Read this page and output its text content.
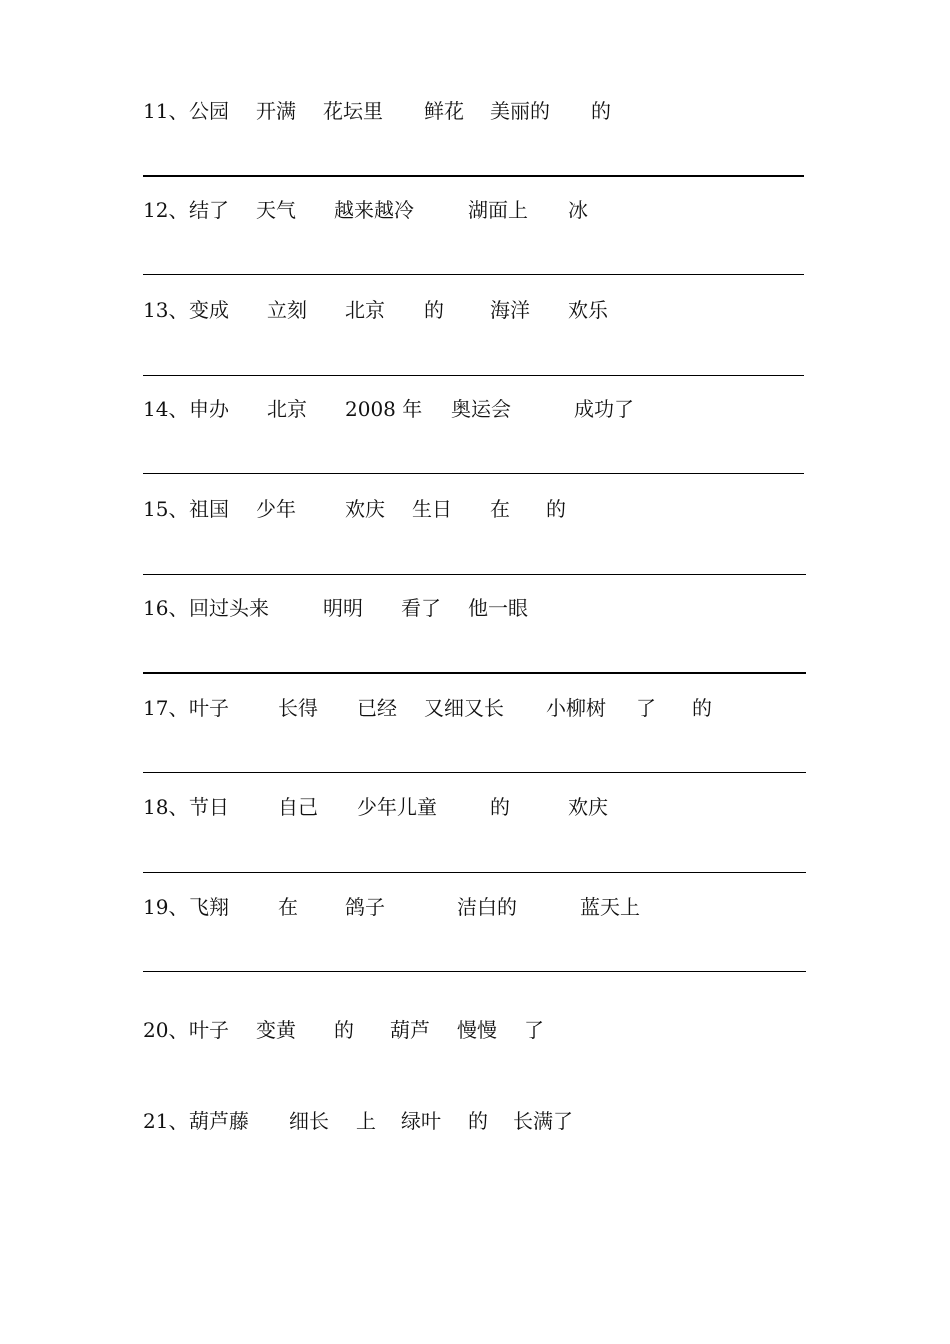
11、 公园 开满 花坛里 鲜花 美丽的 的
12、 结了 天气 越来越冷	湖面上 冰
13、 变成 立刻 北京 的 海洋 欢乐
14、 申办 北京 2008 年 奥运会	成功了
15、 祖国 少年 欢庆 生日 在 的
16、 回过头来	明明 看了 他一眼
17、 叶子 长得 已经 又细又长 小柳树 了 的
18、 节日 自己 少年儿童	的	欢庆
19、 飞翔 在 鸽子	洁白的	蓝天上
20、 叶子 变黄 的 葫芦 慢慢 了
21、 葫芦藤 细长 上 绿叶 的 长满了
